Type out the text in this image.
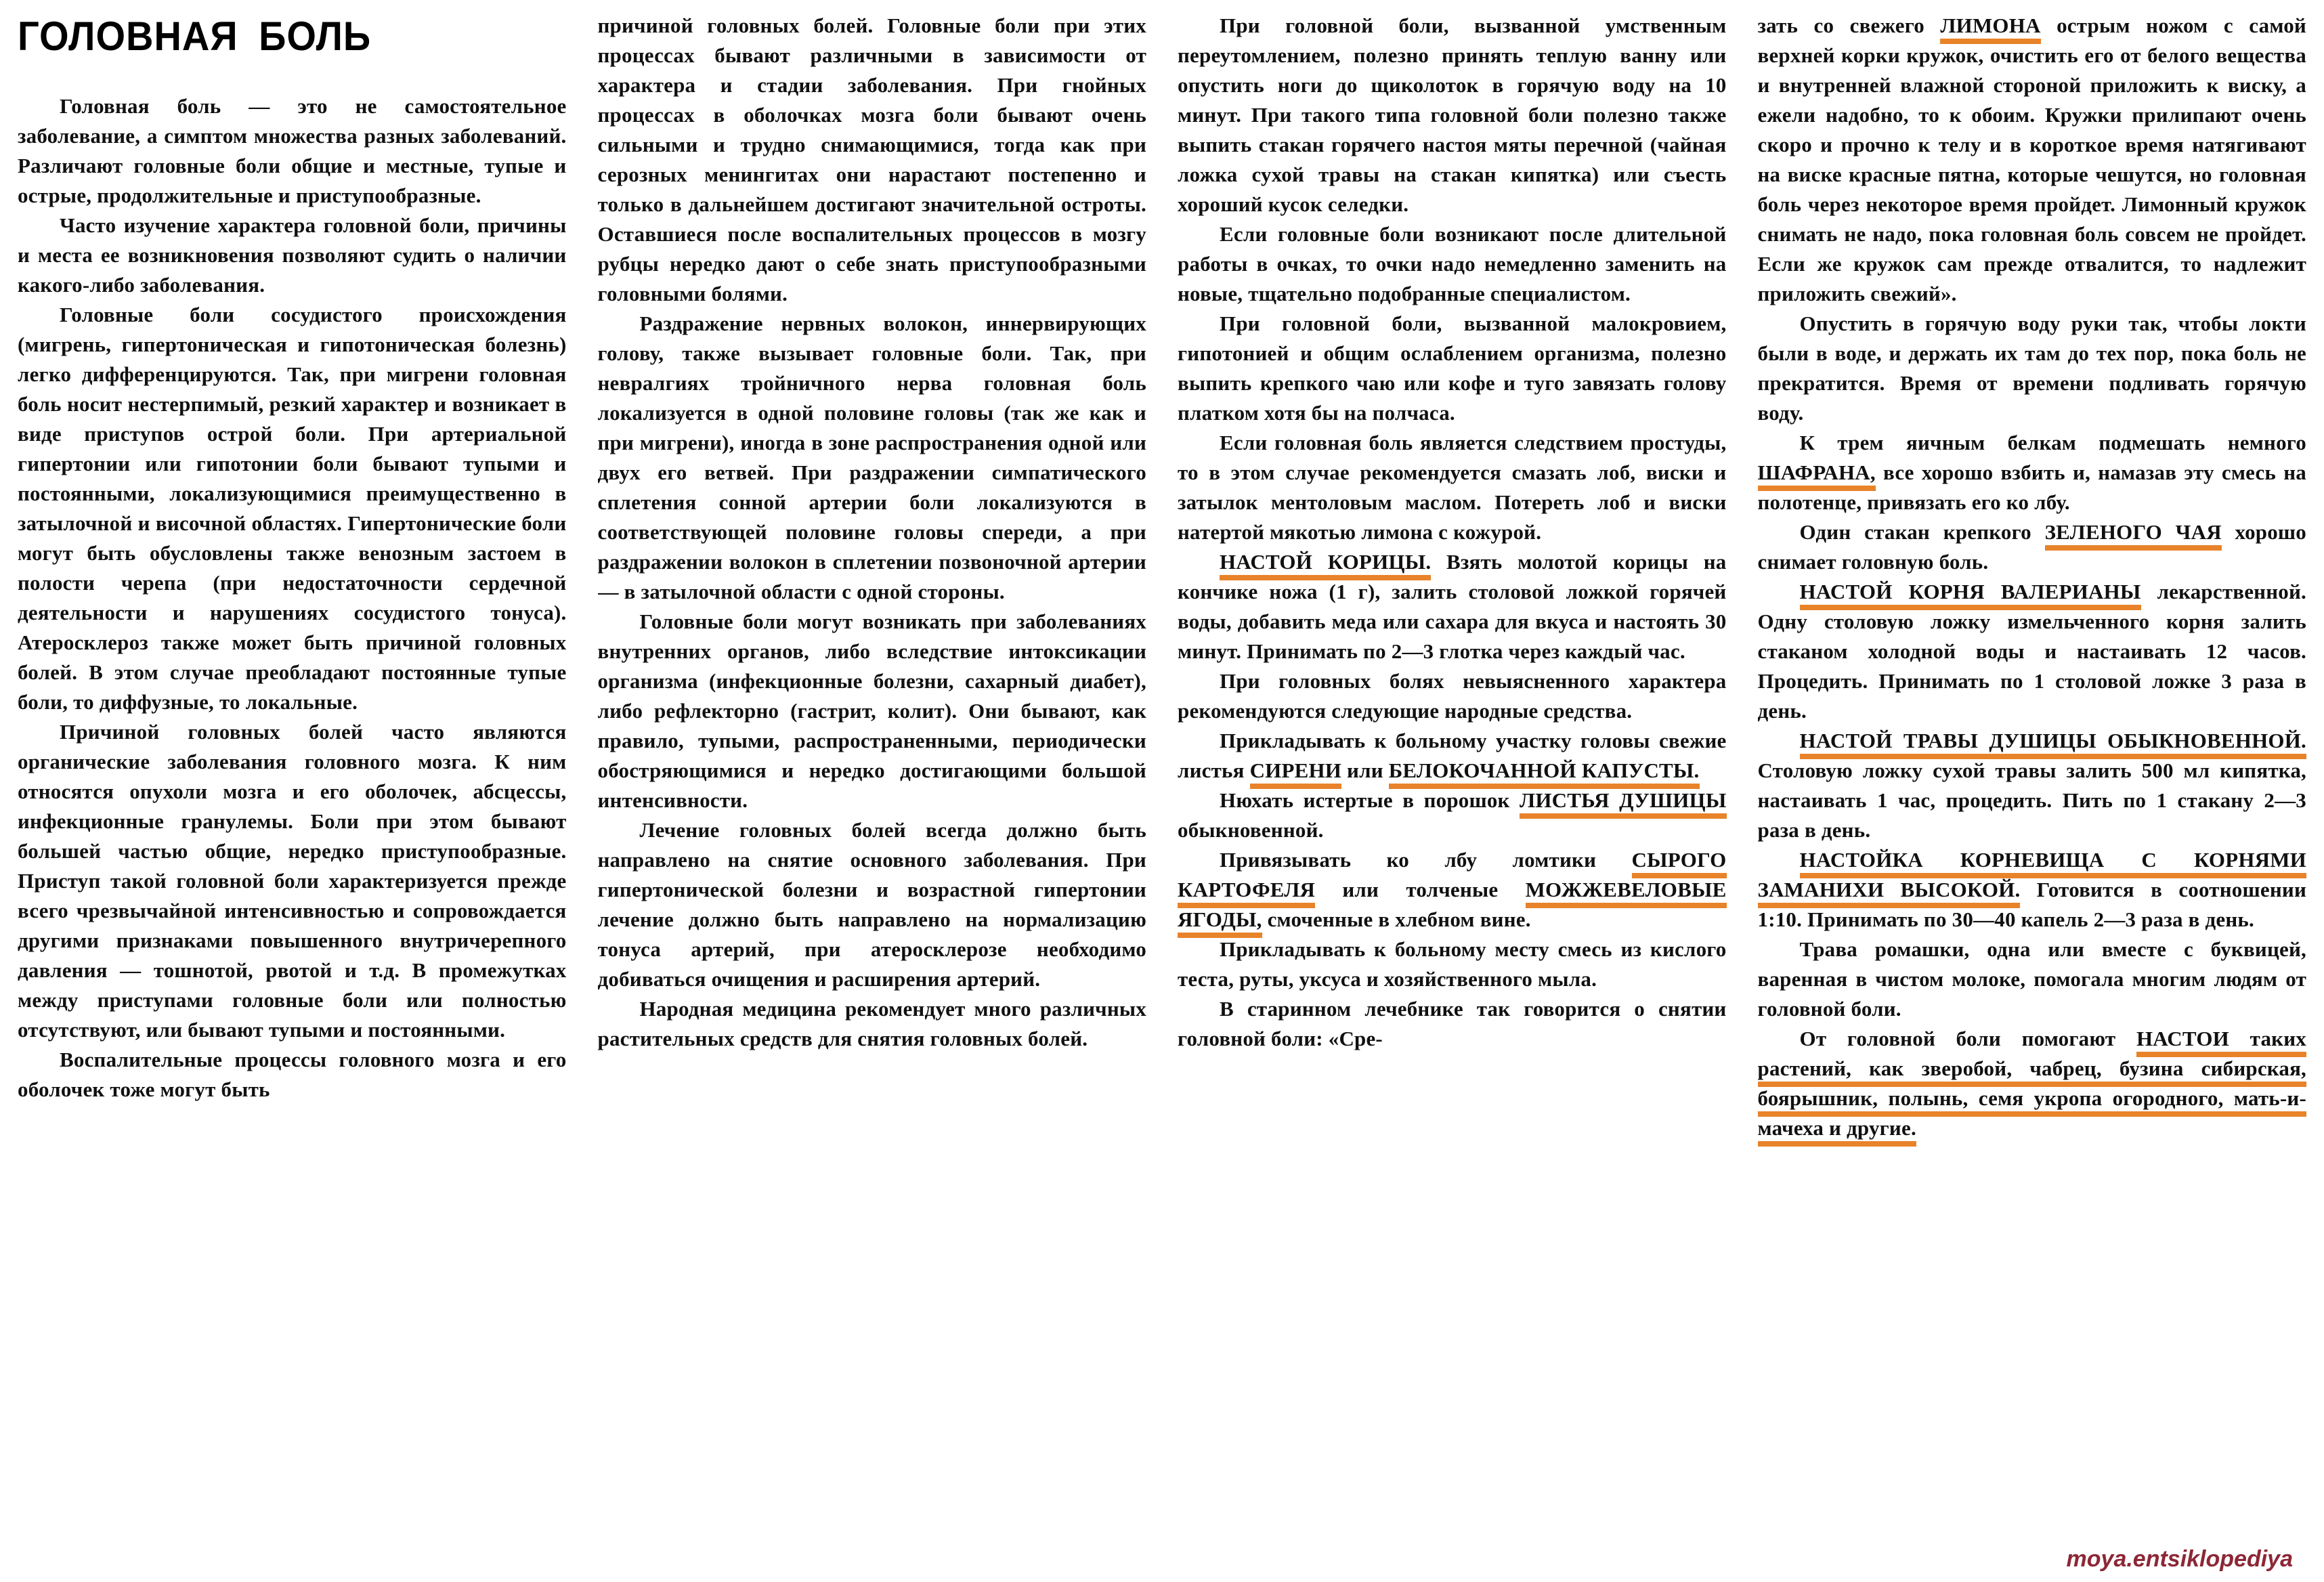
ГОЛОВНАЯ БОЛЬ

Головная боль — это не самостоятельное заболевание, а симптом множества разных заболеваний. Различают головные боли общие и местные, тупые и острые, продолжительные и приступообразные.

Часто изучение характера головной боли, причины и места ее возникновения позволяют судить о наличии какого-либо заболевания.

Головные боли сосудистого происхождения (мигрень, гипертоническая и гипотоническая болезнь) легко дифференцируются. Так, при мигрени головная боль носит нестерпимый, резкий характер и возникает в виде приступов острой боли. При артериальной гипертонии или гипотонии боли бывают тупыми и постоянными, локализующимися преимущественно в затылочной и височной областях. Гипертонические боли могут быть обусловлены также венозным застоем в полости черепа (при недостаточности сердечной деятельности и нарушениях сосудистого тонуса). Атеросклероз также может быть причиной головных болей. В этом случае преобладают постоянные тупые боли, то диффузные, то локальные.

Причиной головных болей часто являются органические заболевания головного мозга. К ним относятся опухоли мозга и его оболочек, абсцессы, инфекционные гранулемы. Боли при этом бывают большей частью общие, нередко приступообразные. Приступ такой головной боли характеризуется прежде всего чрезвычайной интенсивностью и сопровождается другими признаками повышенного внутричерепного давления — тошнотой, рвотой и т.д. В промежутках между приступами головные боли или полностью отсутствуют, или бывают тупыми и постоянными.

Воспалительные процессы головного мозга и его оболочек тоже могут быть

причиной головных болей. Головные боли при этих процессах бывают различными в зависимости от характера и стадии заболевания. При гнойных процессах в оболочках мозга боли бывают очень сильными и трудно снимающимися, тогда как при серозных менингитах они нарастают постепенно и только в дальнейшем достигают значительной остроты. Оставшиеся после воспалительных процессов в мозгу рубцы нередко дают о себе знать приступообразными головными болями.

Раздражение нервных волокон, иннервирующих голову, также вызывает головные боли. Так, при невралгиях тройничного нерва головная боль локализуется в одной половине головы (так же как и при мигрени), иногда в зоне распространения одной или двух его ветвей. При раздражении симпатического сплетения сонной артерии боли локализуются в соответствующей половине головы спереди, а при раздражении волокон в сплетении позвоночной артерии — в затылочной области с одной стороны.

Головные боли могут возникать при заболеваниях внутренних органов, либо вследствие интоксикации организма (инфекционные болезни, сахарный диабет), либо рефлекторно (гастрит, колит). Они бывают, как правило, тупыми, распространенными, периодически обостряющимися и нередко достигающими большой интенсивности.

Лечение головных болей всегда должно быть направлено на снятие основного заболевания. При гипертонической болезни и возрастной гипертонии лечение должно быть направлено на нормализацию тонуса артерий, при атеросклерозе необходимо добиваться очищения и расширения артерий.

Народная медицина рекомендует много различных растительных средств для снятия головных болей.

При головной боли, вызванной умственным переутомлением, полезно принять теплую ванну или опустить ноги до щиколоток в горячую воду на 10 минут. При такого типа головной боли полезно также выпить стакан горячего настоя мяты перечной (чайная ложка сухой травы на стакан кипятка) или съесть хороший кусок селедки.

Если головные боли возникают после длительной работы в очках, то очки надо немедленно заменить на новые, тщательно подобранные специалистом.

При головной боли, вызванной малокровием, гипотонией и общим ослаблением организма, полезно выпить крепкого чаю или кофе и туго завязать голову платком хотя бы на полчаса.

Если головная боль является следствием простуды, то в этом случае рекомендуется смазать лоб, виски и затылок ментоловым маслом. Потереть лоб и виски натертой мякотью лимона с кожурой.

НАСТОЙ КОРИЦЫ. Взять молотой корицы на кончике ножа (1 г), залить столовой ложкой горячей воды, добавить меда или сахара для вкуса и настоять 30 минут. Принимать по 2—3 глотка через каждый час.

При головных болях невыясненного характера рекомендуются следующие народные средства.

Прикладывать к больному участку головы свежие листья СИРЕНИ или БЕЛОКОЧАННОЙ КАПУСТЫ.

Нюхать истертые в порошок ЛИСТЬЯ ДУШИЦЫ обыкновенной.

Привязывать ко лбу ломтики СЫРОГО КАРТОФЕЛЯ или толченые МОЖЖЕВЕЛОВЫЕ ЯГОДЫ, смоченные в хлебном вине.

Прикладывать к больному месту смесь из кислого теста, руты, уксуса и хозяйственного мыла.

В старинном лечебнике так говорится о снятии головной боли: «Сре-

зать со свежего ЛИМОНА острым ножом с самой верхней корки кружок, очистить его от белого вещества и внутренней влажной стороной приложить к виску, а ежели надобно, то к обоим. Кружки прилипают очень скоро и прочно к телу и в короткое время натягивают на виске красные пятна, которые чешутся, но головная боль через некоторое время пройдет. Лимонный кружок снимать не надо, пока головная боль совсем не пройдет. Если же кружок сам прежде отвалится, то надлежит приложить свежий».

Опустить в горячую воду руки так, чтобы локти были в воде, и держать их там до тех пор, пока боль не прекратится. Время от времени подливать горячую воду.

К трем яичным белкам подмешать немного ШАФРАНА, все хорошо взбить и, намазав эту смесь на полотенце, привязать его ко лбу.

Один стакан крепкого ЗЕЛЕНОГО ЧАЯ хорошо снимает головную боль.

НАСТОЙ КОРНЯ ВАЛЕРИАНЫ лекарственной. Одну столовую ложку измельченного корня залить стаканом холодной воды и настаивать 12 часов. Процедить. Принимать по 1 столовой ложке 3 раза в день.

НАСТОЙ ТРАВЫ ДУШИЦЫ ОБЫКНОВЕННОЙ. Столовую ложку сухой травы залить 500 мл кипятка, настаивать 1 час, процедить. Пить по 1 стакану 2—3 раза в день.

НАСТОЙКА КОРНЕВИЩА С КОРНЯМИ ЗАМАНИХИ ВЫСОКОЙ. Готовится в соотношении 1:10. Принимать по 30—40 капель 2—3 раза в день.

Трава ромашки, одна или вместе с буквицей, варенная в чистом молоке, помогала многим людям от головной боли.

От головной боли помогают НАСТОИ таких растений, как зверобой, чабрец, бузина сибирская, боярышник, полынь, семя укропа огородного, мать-и-мачеха и другие.

moya.entsiklopediya
